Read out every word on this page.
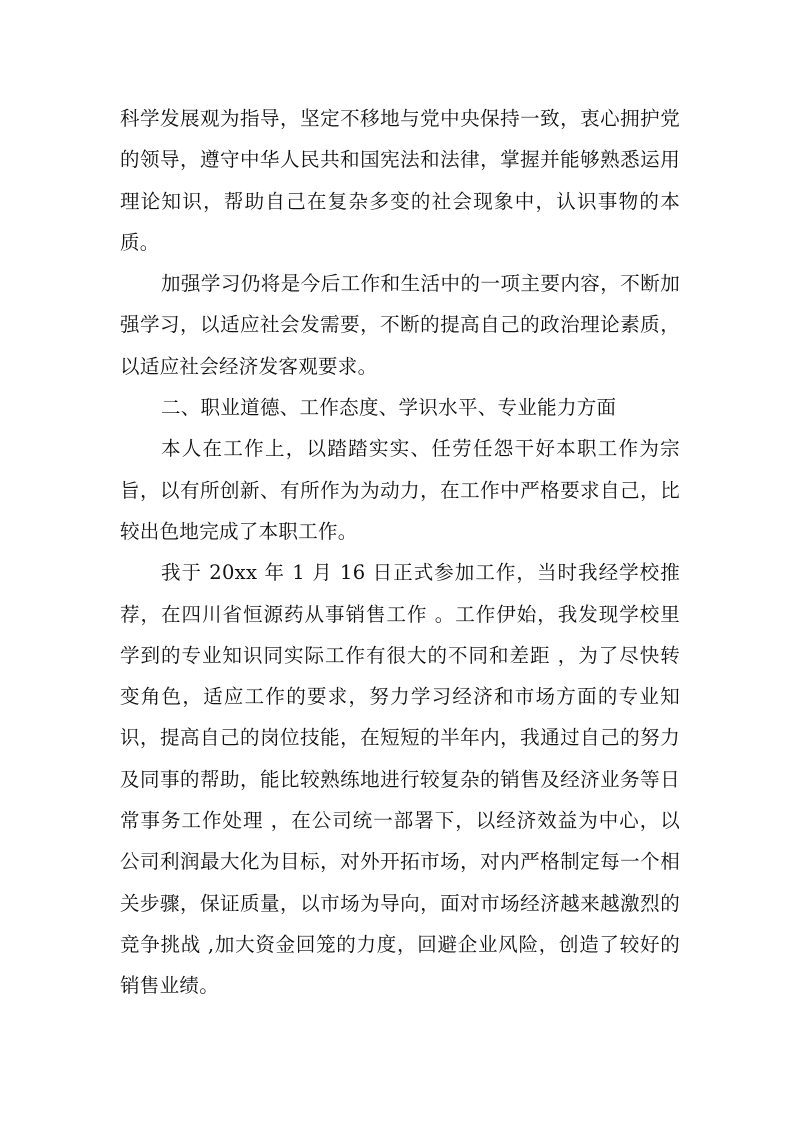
科学发展观为指导，坚定不移地与党中央保持一致，衷心拥护党的领导，遵守中华人民共和国宪法和法律，掌握并能够熟悉运用理论知识，帮助自己在复杂多变的社会现象中，认识事物的本质。

加强学习仍将是今后工作和生活中的一项主要内容，不断加强学习，以适应社会发需要，不断的提高自己的政治理论素质，以适应社会经济发客观要求。

二、职业道德、工作态度、学识水平、专业能力方面

本人在工作上，以踏踏实实、任劳任怨干好本职工作为宗旨，以有所创新、有所作为为动力，在工作中严格要求自己，比较出色地完成了本职工作。

我于 20xx 年 1 月 16 日正式参加工作，当时我经学校推荐，在四川省恒源药从事销售工作 。工作伊始，我发现学校里学到的专业知识同实际工作有很大的不同和差距 ，为了尽快转变角色，适应工作的要求，努力学习经济和市场方面的专业知识，提高自己的岗位技能，在短短的半年内，我通过自己的努力及同事的帮助，能比较熟练地进行较复杂的销售及经济业务等日常事务工作处理 ，在公司统一部署下，以经济效益为中心，以公司利润最大化为目标，对外开拓市场，对内严格制定每一个相关步骤，保证质量，以市场为导向，面对市场经济越来越激烈的竞争挑战 ,加大资金回笼的力度，回避企业风险，创造了较好的销售业绩。
